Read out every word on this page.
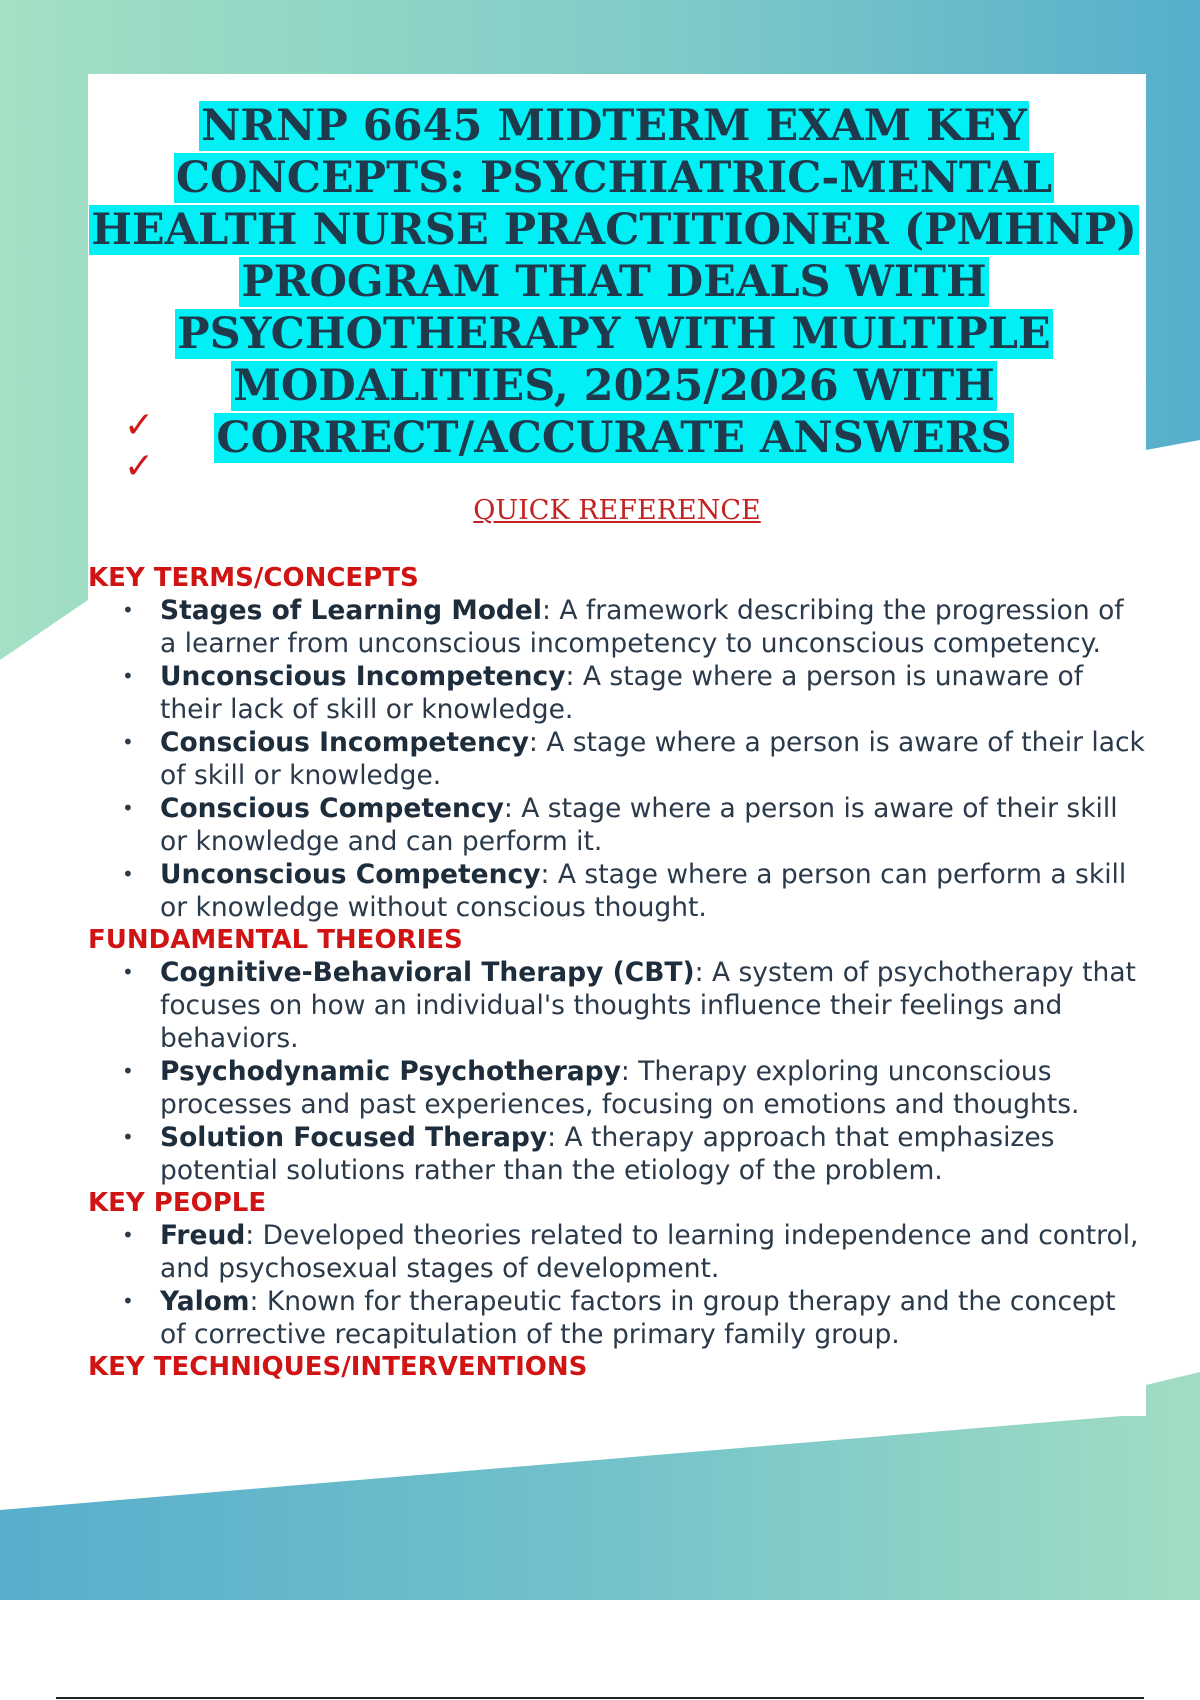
NRNP 6645 MIDTERM EXAM KEY CONCEPTS: PSYCHIATRIC-MENTAL HEALTH NURSE PRACTITIONER (PMHNP) PROGRAM THAT DEALS WITH PSYCHOTHERAPY WITH MULTIPLE MODALITIES, 2025/2026 WITH CORRECT/ACCURATE ANSWERS
✓
✓

QUICK REFERENCE

KEY TERMS/CONCEPTS
• Stages of Learning Model: A framework describing the progression of a learner from unconscious incompetency to unconscious competency.
• Unconscious Incompetency: A stage where a person is unaware of their lack of skill or knowledge.
• Conscious Incompetency: A stage where a person is aware of their lack of skill or knowledge.
• Conscious Competency: A stage where a person is aware of their skill or knowledge and can perform it.
• Unconscious Competency: A stage where a person can perform a skill or knowledge without conscious thought.
FUNDAMENTAL THEORIES
• Cognitive-Behavioral Therapy (CBT): A system of psychotherapy that focuses on how an individual's thoughts influence their feelings and behaviors.
• Psychodynamic Psychotherapy: Therapy exploring unconscious processes and past experiences, focusing on emotions and thoughts.
• Solution Focused Therapy: A therapy approach that emphasizes potential solutions rather than the etiology of the problem.
KEY PEOPLE
• Freud: Developed theories related to learning independence and control, and psychosexual stages of development.
• Yalom: Known for therapeutic factors in group therapy and the concept of corrective recapitulation of the primary family group.
KEY TECHNIQUES/INTERVENTIONS
